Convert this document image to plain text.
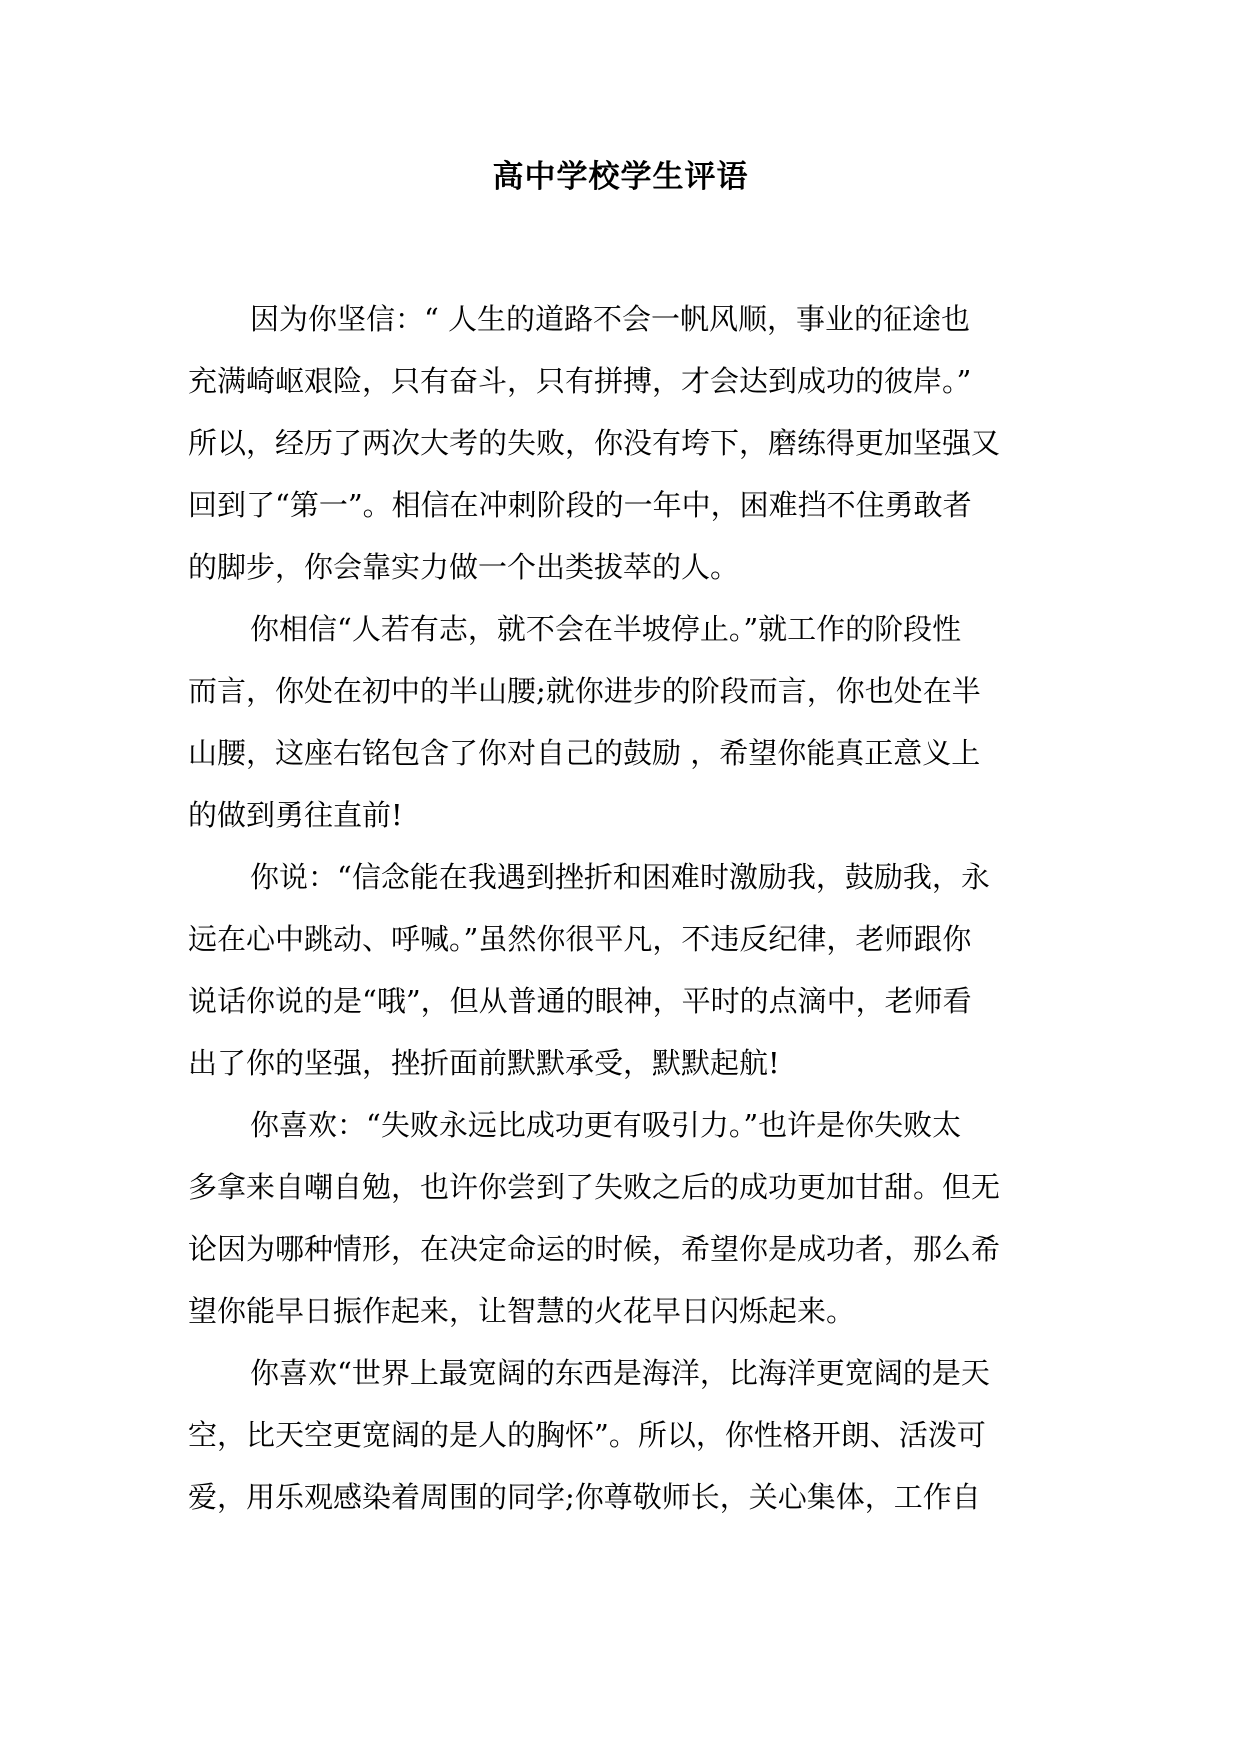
高中学校学生评语
因为你坚信：“ 人生的道路不会一帆风顺，事业的征途也
充满崎岖艰险，只有奋斗，只有拼搏，才会达到成功的彼岸。”
所以，经历了两次大考的失败，你没有垮下，磨练得更加坚强又
回到了“第一”。相信在冲刺阶段的一年中，困难挡不住勇敢者
的脚步，你会靠实力做一个出类拔萃的人。
你相信“人若有志，就不会在半坡停止。”就工作的阶段性
而言，你处在初中的半山腰;就你进步的阶段而言，你也处在半
山腰，这座右铭包含了你对自己的鼓励 ，希望你能真正意义上
的做到勇往直前!
你说：“信念能在我遇到挫折和困难时激励我，鼓励我，永
远在心中跳动、呼喊。”虽然你很平凡，不违反纪律，老师跟你
说话你说的是“哦”，但从普通的眼神，平时的点滴中，老师看
出了你的坚强，挫折面前默默承受，默默起航!
你喜欢：“失败永远比成功更有吸引力。”也许是你失败太
多拿来自嘲自勉，也许你尝到了失败之后的成功更加甘甜。但无
论因为哪种情形，在决定命运的时候，希望你是成功者，那么希
望你能早日振作起来，让智慧的火花早日闪烁起来。
你喜欢“世界上最宽阔的东西是海洋，比海洋更宽阔的是天
空，比天空更宽阔的是人的胸怀”。所以，你性格开朗、活泼可
爱，用乐观感染着周围的同学;你尊敬师长，关心集体，工作自
